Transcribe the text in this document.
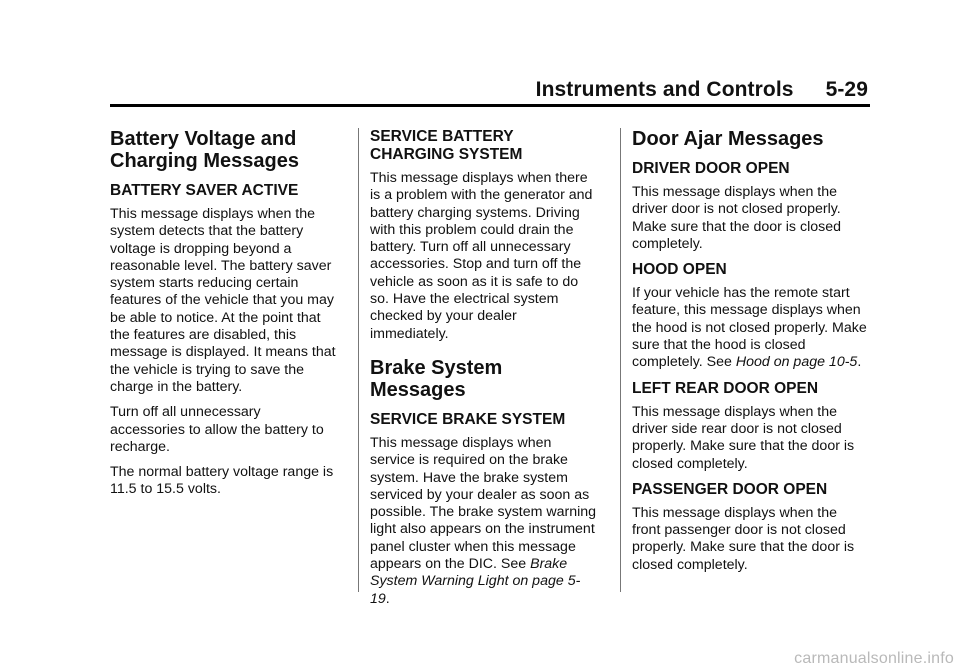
Instruments and Controls 5-29
Battery Voltage and Charging Messages
BATTERY SAVER ACTIVE

This message displays when the system detects that the battery voltage is dropping beyond a reasonable level. The battery saver system starts reducing certain features of the vehicle that you may be able to notice. At the point that the features are disabled, this message is displayed. It means that the vehicle is trying to save the charge in the battery.

Turn off all unnecessary accessories to allow the battery to recharge.

The normal battery voltage range is 11.5 to 15.5 volts.

SERVICE BATTERY CHARGING SYSTEM

This message displays when there is a problem with the generator and battery charging systems. Driving with this problem could drain the battery. Turn off all unnecessary accessories. Stop and turn off the vehicle as soon as it is safe to do so. Have the electrical system checked by your dealer immediately.

Brake System Messages
SERVICE BRAKE SYSTEM

This message displays when service is required on the brake system. Have the brake system serviced by your dealer as soon as possible. The brake system warning light also appears on the instrument panel cluster when this message appears on the DIC. See Brake System Warning Light on page 5-19.

Door Ajar Messages
DRIVER DOOR OPEN

This message displays when the driver door is not closed properly. Make sure that the door is closed completely.

HOOD OPEN

If your vehicle has the remote start feature, this message displays when the hood is not closed properly. Make sure that the hood is closed completely. See Hood on page 10-5.

LEFT REAR DOOR OPEN

This message displays when the driver side rear door is not closed properly. Make sure that the door is closed completely.

PASSENGER DOOR OPEN

This message displays when the front passenger door is not closed properly. Make sure that the door is closed completely.

carmanualsonline.info
